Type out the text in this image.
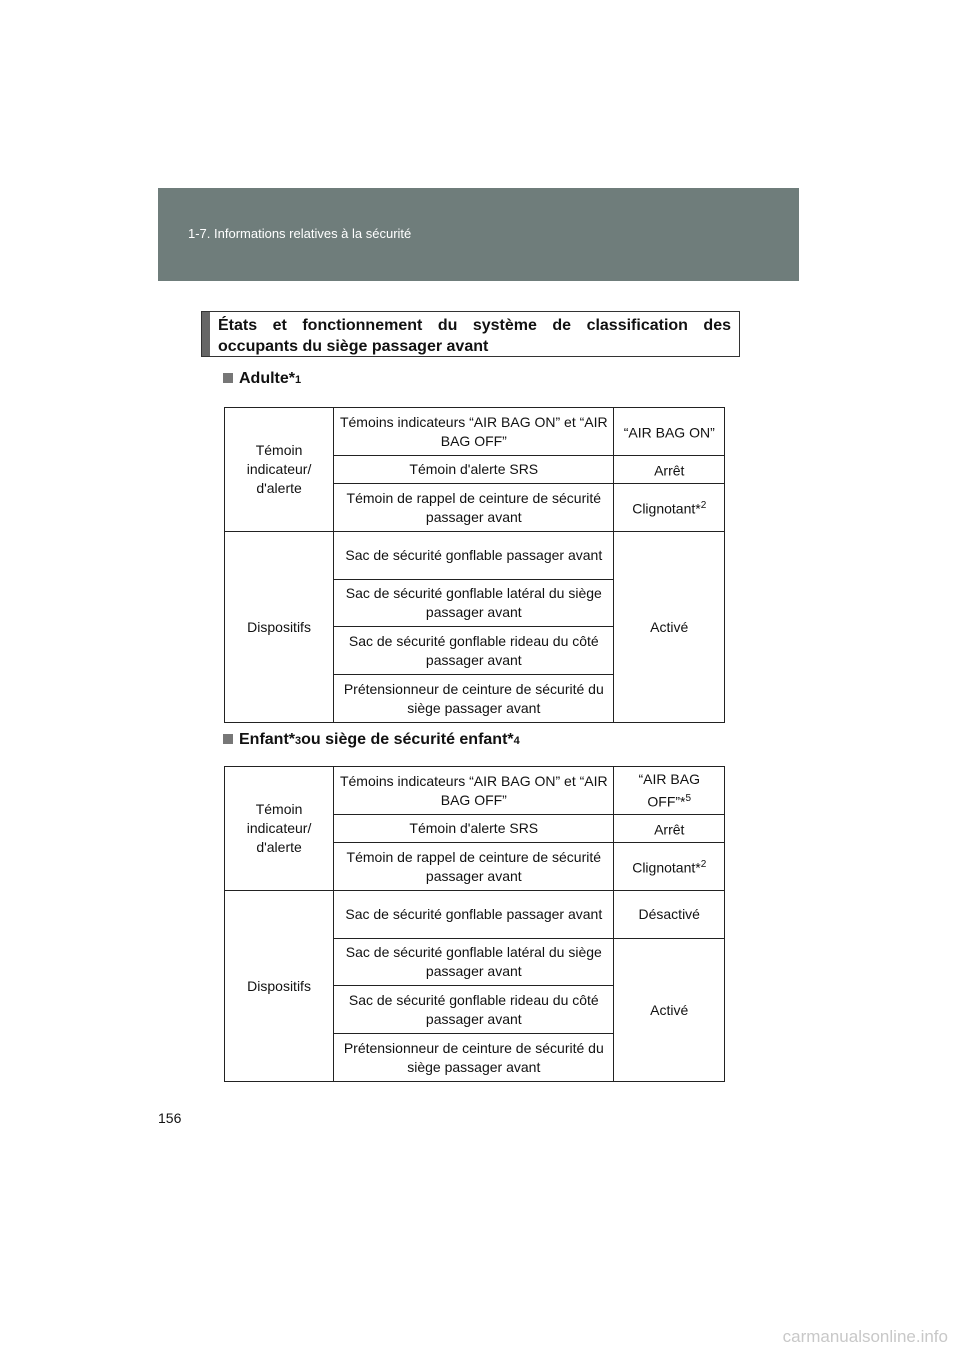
1-7. Informations relatives à la sécurité
États et fonctionnement du système de classification des occupants du siège passager avant
Adulte* 1
Témoin indicateur/ d'alerte	Témoins indicateurs “AIR BAG ON” et “AIR BAG OFF”	“AIR BAG ON”
	Témoin d'alerte SRS	Arrêt
	Témoin de rappel de ceinture de sécurité passager avant	Clignotant*$^2$
Dispositifs	Sac de sécurité gonflable passager avant	Activé
	Sac de sécurité gonflable latéral du siège passager avant	
	Sac de sécurité gonflable rideau du côté passager avant	
	Prétensionneur de ceinture de sécurité du siège passager avant	
Enfant* 3 ou siège de sécurité enfant* 4
Témoin indicateur/ d'alerte	Témoins indicateurs “AIR BAG ON” et “AIR BAG OFF”	“AIR BAG OFF”*$^5$
	Témoin d'alerte SRS	Arrêt
	Témoin de rappel de ceinture de sécurité passager avant	Clignotant*$^2$
Dispositifs	Sac de sécurité gonflable passager avant	Désactivé
	Sac de sécurité gonflable latéral du siège passager avant	Activé
	Sac de sécurité gonflable rideau du côté passager avant	
	Prétensionneur de ceinture de sécurité du siège passager avant	
156
carmanualsonline.info
